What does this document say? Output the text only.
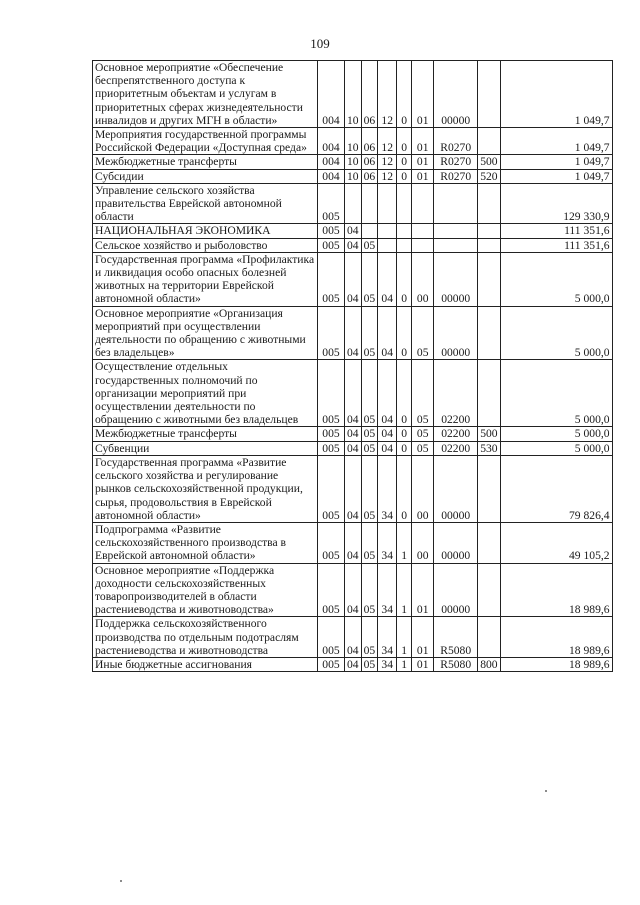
109
Основное мероприятие «Обеспечение беспрепятственного доступа к приоритетным объектам и услугам в приоритетных сферах жизнедеятельности инвалидов и других МГН в области»	004	10	06	12	0	01	00000		1 049,7
Мероприятия государственной программы Российской Федерации «Доступная среда»	004	10	06	12	0	01	R0270		1 049,7
Межбюджетные трансферты	004	10	06	12	0	01	R0270	500	1 049,7
Субсидии	004	10	06	12	0	01	R0270	520	1 049,7
Управление сельского хозяйства правительства Еврейской автономной области	005								129 330,9
НАЦИОНАЛЬНАЯ ЭКОНОМИКА	005	04							111 351,6
Сельское хозяйство и рыболовство	005	04	05						111 351,6
Государственная программа «Профилактика и ликвидация особо опасных болезней животных на территории Еврейской автономной области»	005	04	05	04	0	00	00000		5 000,0
Основное мероприятие «Организация мероприятий при осуществлении деятельности по обращению с животными без владельцев»	005	04	05	04	0	05	00000		5 000,0
Осуществление отдельных государственных полномочий по организации мероприятий при осуществлении деятельности по обращению с животными без владельцев	005	04	05	04	0	05	02200		5 000,0
Межбюджетные трансферты	005	04	05	04	0	05	02200	500	5 000,0
Субвенции	005	04	05	04	0	05	02200	530	5 000,0
Государственная программа «Развитие сельского хозяйства и регулирование рынков сельскохозяйственной продукции, сырья, продовольствия в Еврейской автономной области»	005	04	05	34	0	00	00000		79 826,4
Подпрограмма «Развитие сельскохозяйственного производства в Еврейской автономной области»	005	04	05	34	1	00	00000		49 105,2
Основное мероприятие «Поддержка доходности сельскохозяйственных товаропроизводителей в области растениеводства и животноводства»	005	04	05	34	1	01	00000		18 989,6
Поддержка сельскохозяйственного производства по отдельным подотраслям растениеводства и животноводства	005	04	05	34	1	01	R5080		18 989,6
Иные бюджетные ассигнования	005	04	05	34	1	01	R5080	800	18 989,6
